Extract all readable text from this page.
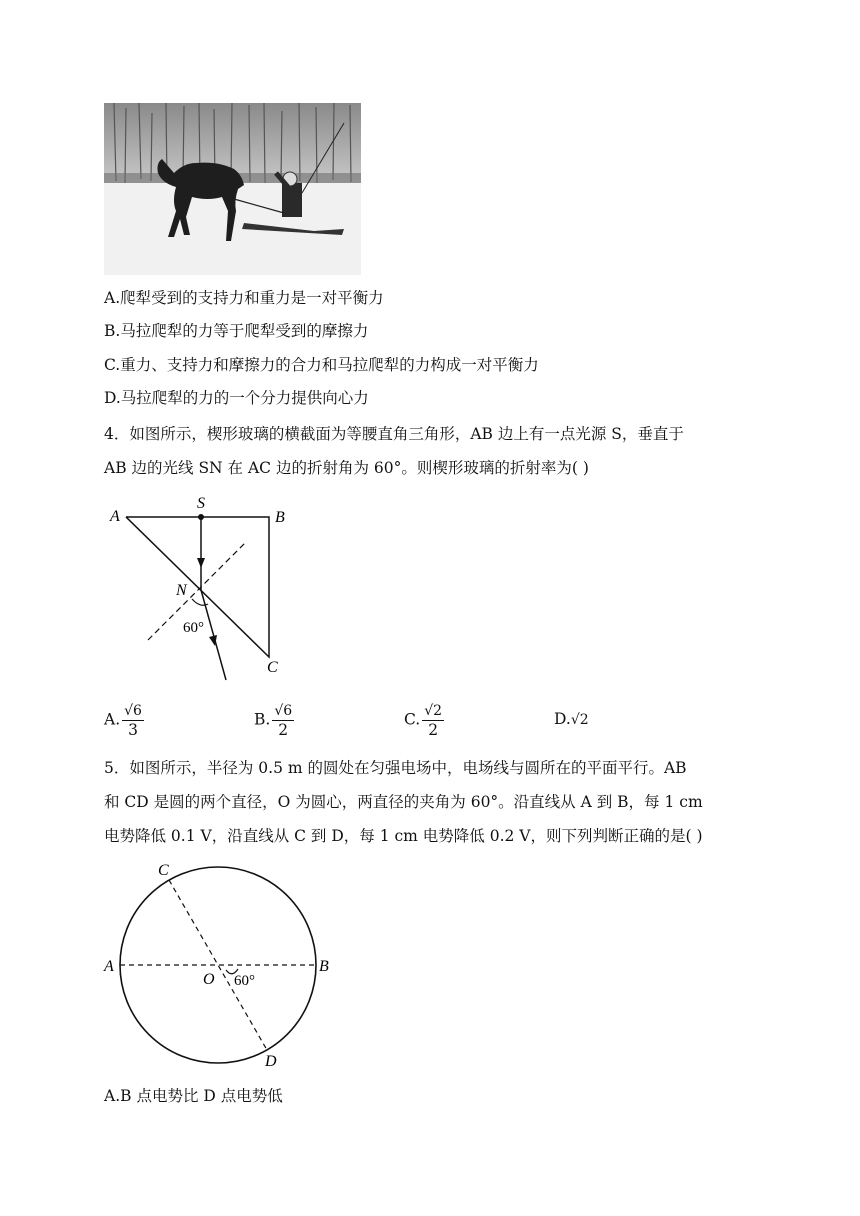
A.爬犁受到的支持力和重力是一对平衡力
B.马拉爬犁的力等于爬犁受到的摩擦力
C.重力、支持力和摩擦力的合力和马拉爬犁的力构成一对平衡力
D.马拉爬犁的力的一个分力提供向心力
4．如图所示，楔形玻璃的横截面为等腰直角三角形，AB 边上有一点光源 S，垂直于
AB 边的光线 SN 在 AC 边的折射角为 60°。则楔形玻璃的折射率为( )
A
S
B
C
N
60°
A. $\frac{√6}{3}$	B. $\frac{√6}{2}$	C. $\frac{√2}{2}$	D.√2
5．如图所示，半径为 0.5 m 的圆处在匀强电场中，电场线与圆所在的平面平行。AB
和 CD 是圆的两个直径，O 为圆心，两直径的夹角为 60°。沿直线从 A 到 B，每 1 cm
电势降低 0.1 V，沿直线从 C 到 D，每 1 cm 电势降低 0.2 V，则下列判断正确的是( )
A	B
C
D
O 60°
A.B 点电势比 D 点电势低
